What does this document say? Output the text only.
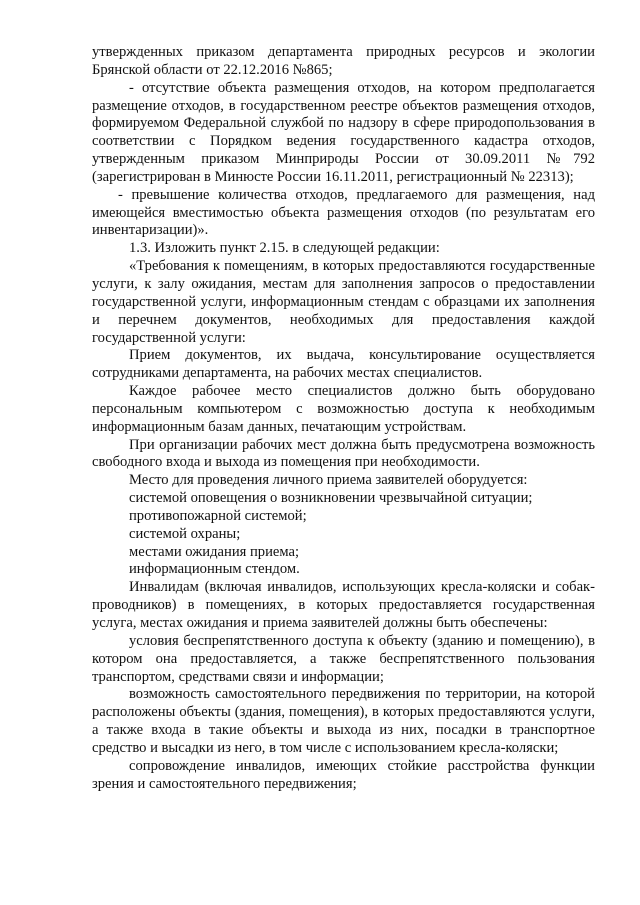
утвержденных приказом департамента природных ресурсов и экологии Брянской области от 22.12.2016 №865;

- отсутствие объекта размещения отходов, на котором предполагается размещение отходов, в государственном реестре объектов размещения отходов, формируемом Федеральной службой по надзору в сфере природопользования в соответствии с Порядком ведения государственного кадастра отходов, утвержденным приказом Минприроды России от 30.09.2011 №792 (зарегистрирован в Минюсте России 16.11.2011, регистрационный № 22313);

- превышение количества отходов, предлагаемого для размещения, над имеющейся вместимостью объекта размещения отходов (по результатам его инвентаризации)».

1.3. Изложить пункт 2.15. в следующей редакции:

«Требования к помещениям, в которых предоставляются государственные услуги, к залу ожидания, местам для заполнения запросов о предоставлении государственной услуги, информационным стендам с образцами их заполнения и перечнем документов, необходимых для предоставления каждой государственной услуги:

Прием документов, их выдача, консультирование осуществляется сотрудниками департамента, на рабочих местах специалистов.

Каждое рабочее место специалистов должно быть оборудовано персональным компьютером с возможностью доступа к необходимым информационным базам данных, печатающим устройствам.

При организации рабочих мест должна быть предусмотрена возможность свободного входа и выхода из помещения при необходимости.

Место для проведения личного приема заявителей оборудуется:

системой оповещения о возникновении чрезвычайной ситуации;

противопожарной системой;

системой охраны;

местами ожидания приема;

информационным стендом.

Инвалидам (включая инвалидов, использующих кресла-коляски и собак-проводников) в помещениях, в которых предоставляется государственная услуга, местах ожидания и приема заявителей должны быть обеспечены:

условия беспрепятственного доступа к объекту (зданию и помещению), в котором она предоставляется, а также беспрепятственного пользования транспортом, средствами связи и информации;

возможность самостоятельного передвижения по территории, на которой расположены объекты (здания, помещения), в которых предоставляются услуги, а также входа в такие объекты и выхода из них, посадки в транспортное средство и высадки из него, в том числе с использованием кресла-коляски;

сопровождение инвалидов, имеющих стойкие расстройства функции зрения и самостоятельного передвижения;
